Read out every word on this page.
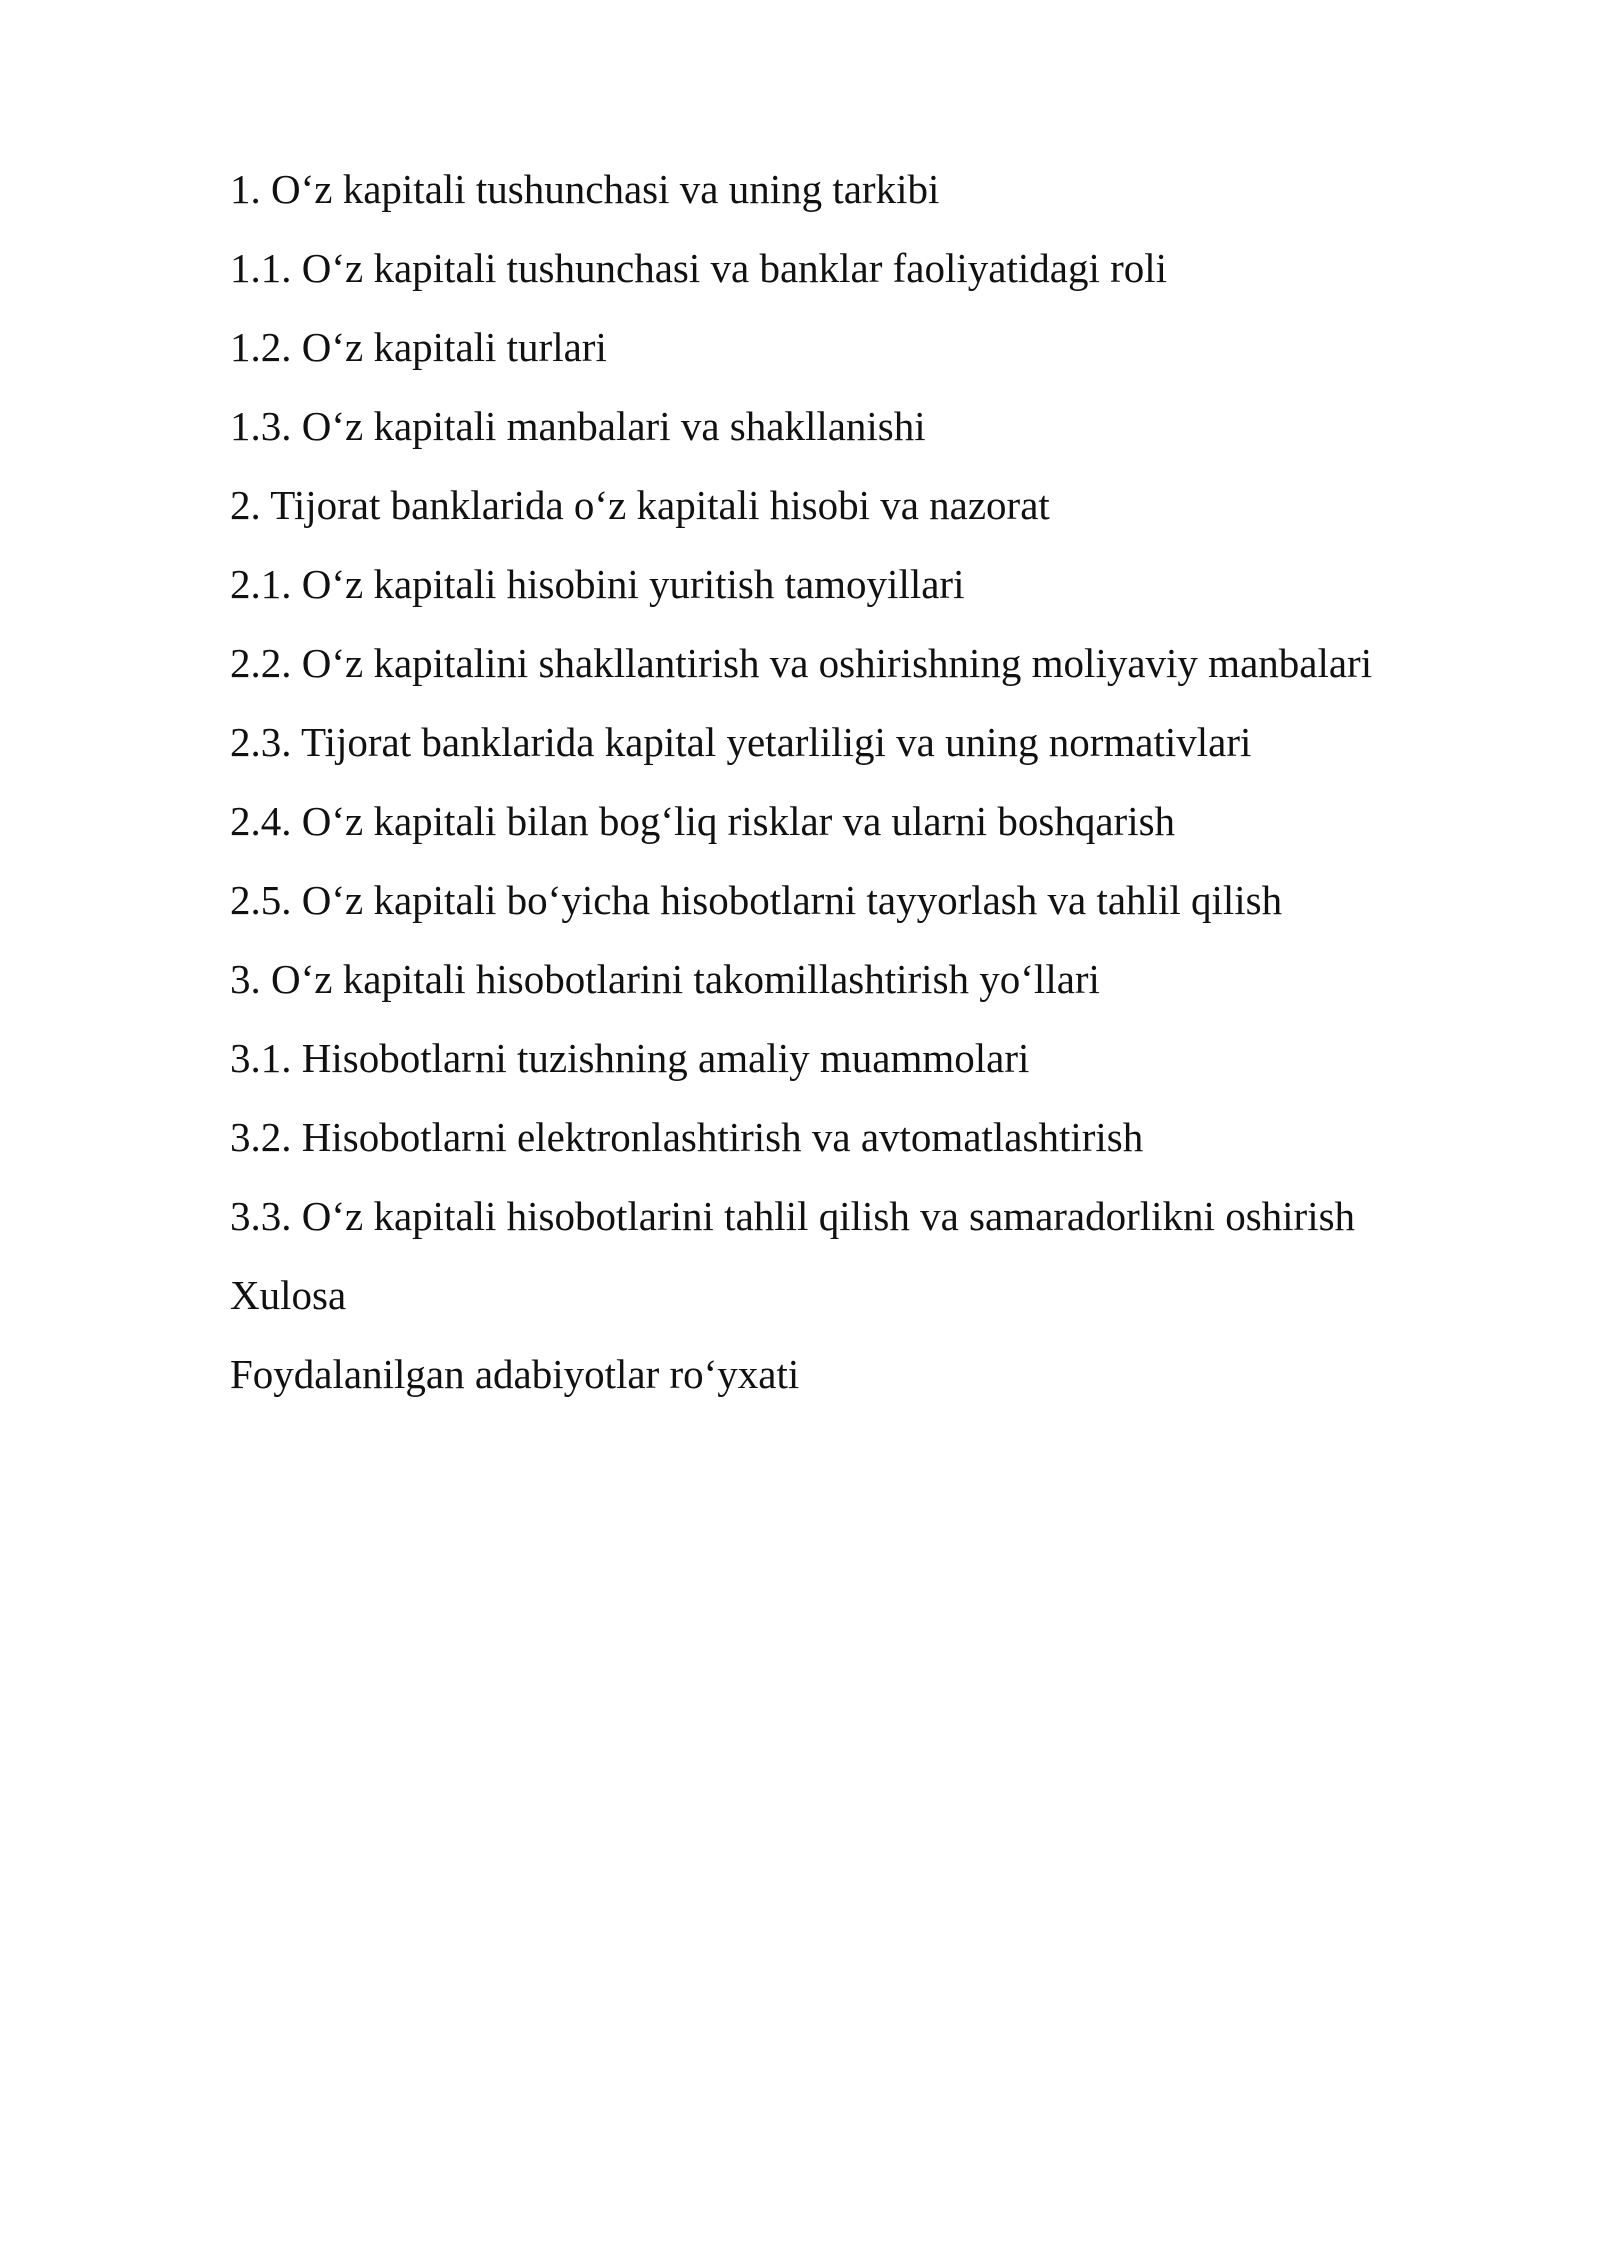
1. O‘z kapitali tushunchasi va uning tarkibi
1.1. O‘z kapitali tushunchasi va banklar faoliyatidagi roli
1.2. O‘z kapitali turlari
1.3. O‘z kapitali manbalari va shakllanishi
2. Tijorat banklarida o‘z kapitali hisobi va nazorat
2.1. O‘z kapitali hisobini yuritish tamoyillari
2.2. O‘z kapitalini shakllantirish va oshirishning moliyaviy manbalari
2.3. Tijorat banklarida kapital yetarliligi va uning normativlari
2.4. O‘z kapitali bilan bog‘liq risklar va ularni boshqarish
2.5. O‘z kapitali bo‘yicha hisobotlarni tayyorlash va tahlil qilish
3. O‘z kapitali hisobotlarini takomillashtirish yo‘llari
3.1. Hisobotlarni tuzishning amaliy muammolari
3.2. Hisobotlarni elektronlashtirish va avtomatlashtirish
3.3. O‘z kapitali hisobotlarini tahlil qilish va samaradorlikni oshirish
Xulosa
Foydalanilgan adabiyotlar ro‘yxati
